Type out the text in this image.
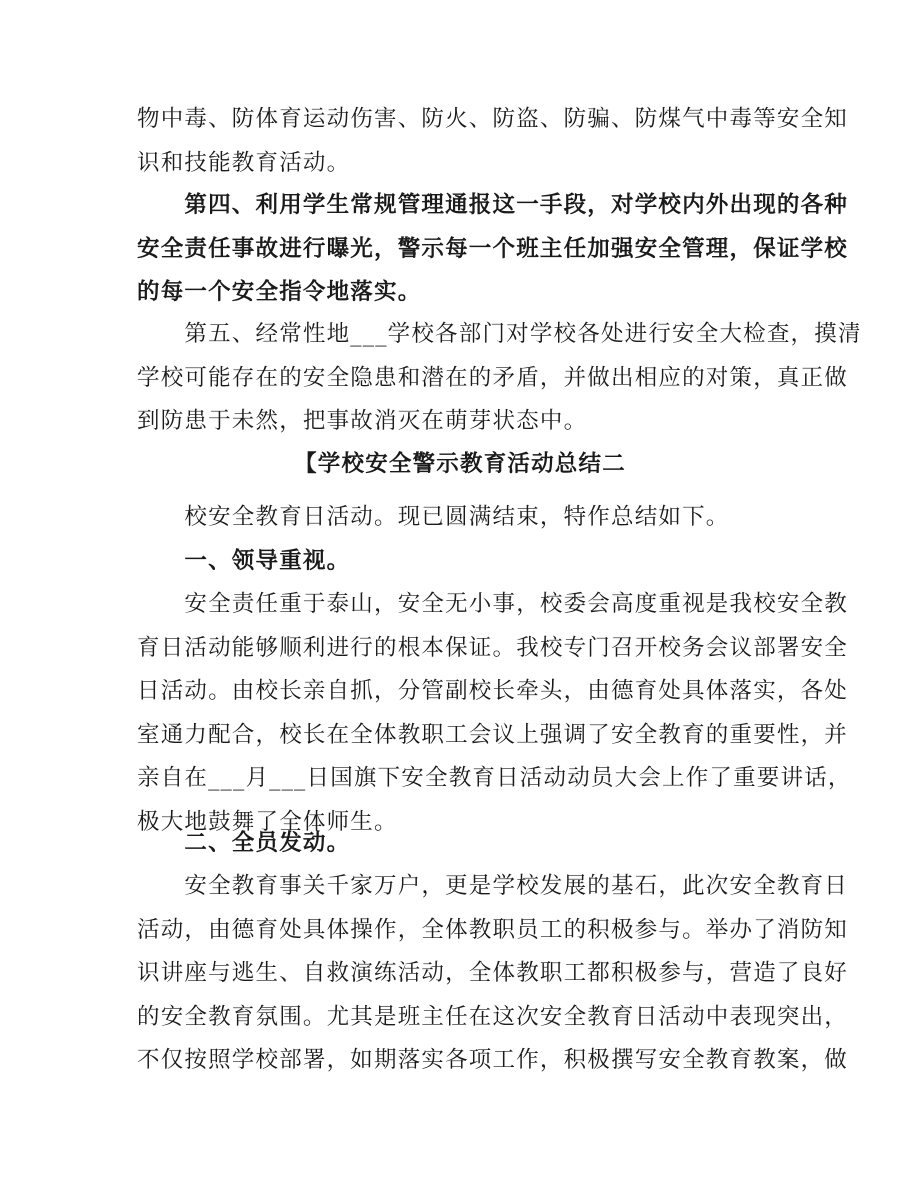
物中毒、防体育运动伤害、防火、防盗、防骗、防煤气中毒等安全知
识和技能教育活动。
　　第四、利用学生常规管理通报这一手段，对学校内外出现的各种
安全责任事故进行曝光，警示每一个班主任加强安全管理，保证学校
的每一个安全指令地落实。
　　第五、经常性地___学校各部门对学校各处进行安全大检查，摸清
学校可能存在的安全隐患和潜在的矛盾，并做出相应的对策，真正做
到防患于未然，把事故消灭在萌芽状态中。
【学校安全警示教育活动总结二
　　校安全教育日活动。现已圆满结束，特作总结如下。
　　一、领导重视。
　　安全责任重于泰山，安全无小事，校委会高度重视是我校安全教
育日活动能够顺利进行的根本保证。我校专门召开校务会议部署安全
日活动。由校长亲自抓，分管副校长牵头，由德育处具体落实，各处
室通力配合，校长在全体教职工会议上强调了安全教育的重要性，并
亲自在___月___日国旗下安全教育日活动动员大会上作了重要讲话，
极大地鼓舞了全体师生。
　　二、全员发动。
　　安全教育事关千家万户，更是学校发展的基石，此次安全教育日
活动，由德育处具体操作，全体教职员工的积极参与。举办了消防知
识讲座与逃生、自救演练活动，全体教职工都积极参与，营造了良好
的安全教育氛围。尤其是班主任在这次安全教育日活动中表现突出，
不仅按照学校部署，如期落实各项工作，积极撰写安全教育教案，做
